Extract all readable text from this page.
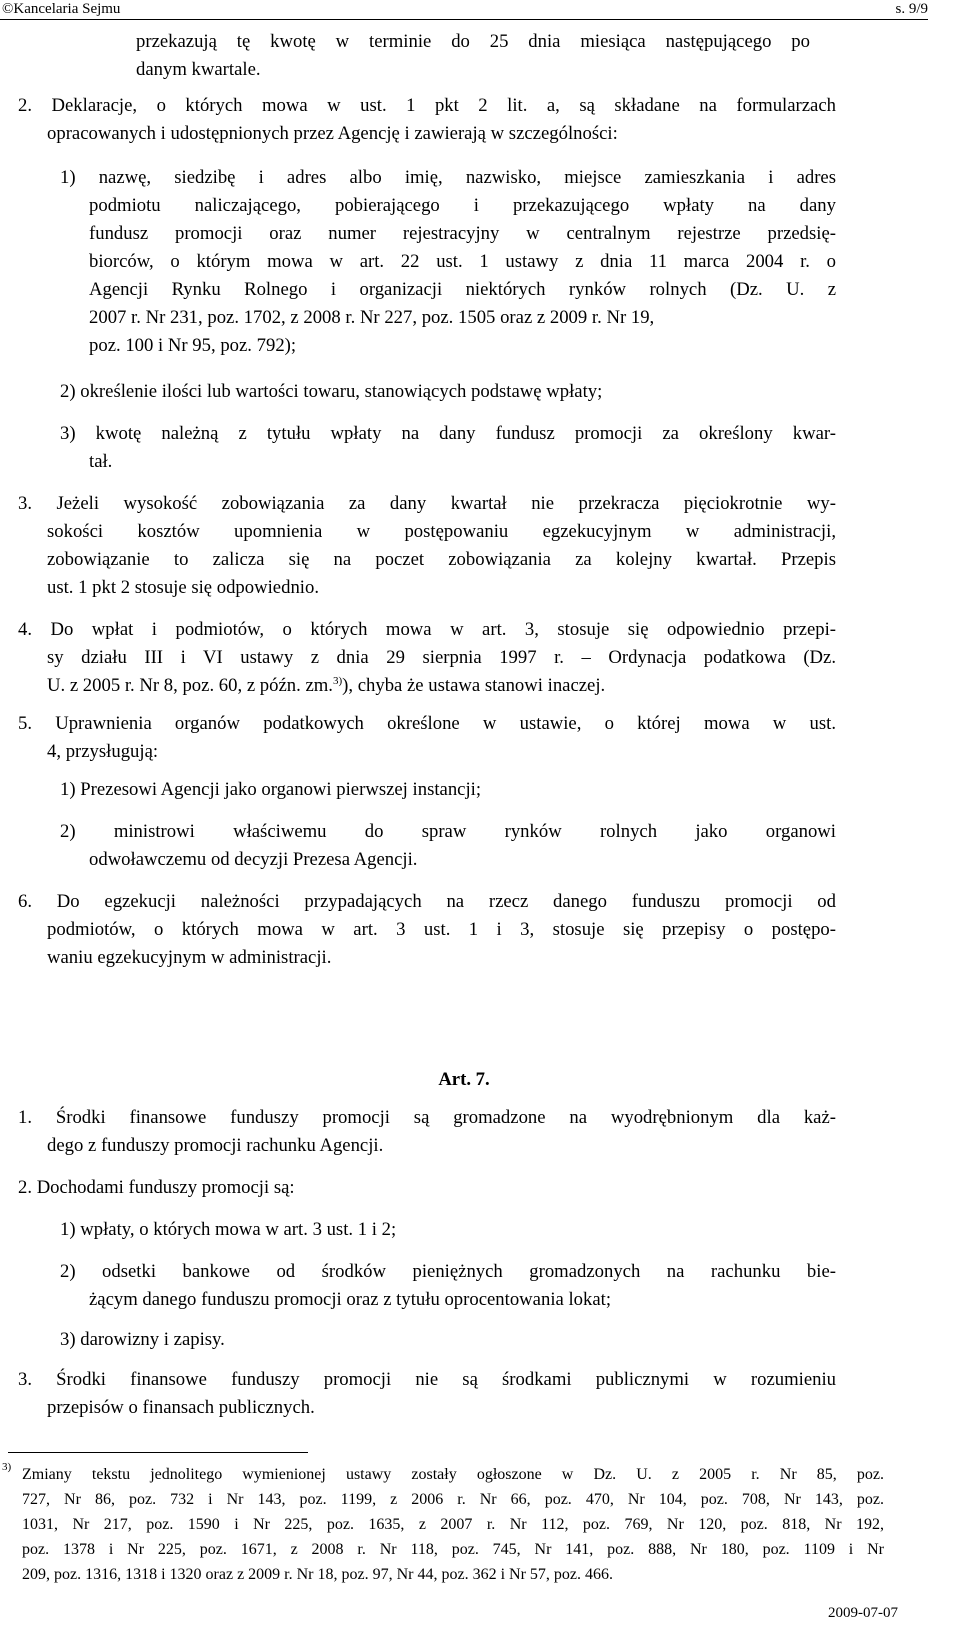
©Kancelaria Sejmu	s. 9/9
przekazują tę kwotę w terminie do 25 dnia miesiąca następującego po
danym kwartale.
2. Deklaracje, o których mowa w ust. 1 pkt 2 lit. a, są składane na formularzach
opracowanych i udostępnionych przez Agencję i zawierają w szczególności:
1) nazwę, siedzibę i adres albo imię, nazwisko, miejsce zamieszkania i adres
podmiotu naliczającego, pobierającego i przekazującego wpłaty na dany
fundusz promocji oraz numer rejestracyjny w centralnym rejestrze przedsię-
biorców, o którym mowa w art. 22 ust. 1 ustawy z dnia 11 marca 2004 r. o
Agencji Rynku Rolnego i organizacji niektórych rynków rolnych (Dz. U. z
2007 r. Nr 231, poz. 1702, z 2008 r. Nr 227, poz. 1505 oraz z 2009 r. Nr 19,
poz. 100 i Nr 95, poz. 792);
2) określenie ilości lub wartości towaru, stanowiących podstawę wpłaty;
3) kwotę należną z tytułu wpłaty na dany fundusz promocji za określony kwar-
tał.
3. Jeżeli wysokość zobowiązania za dany kwartał nie przekracza pięciokrotnie wy-
sokości kosztów upomnienia w postępowaniu egzekucyjnym w administracji,
zobowiązanie to zalicza się na poczet zobowiązania za kolejny kwartał. Przepis
ust. 1 pkt 2 stosuje się odpowiednio.
4. Do wpłat i podmiotów, o których mowa w art. 3, stosuje się odpowiednio przepi-
sy działu III i VI ustawy z dnia 29 sierpnia 1997 r. – Ordynacja podatkowa (Dz.
U. z 2005 r. Nr 8, poz. 60, z późn. zm.$^{3)}$), chyba że ustawa stanowi inaczej.
5. Uprawnienia organów podatkowych określone w ustawie, o której mowa w ust.
4, przysługują:
1) Prezesowi Agencji jako organowi pierwszej instancji;
2) ministrowi właściwemu do spraw rynków rolnych jako organowi
odwoławczemu od decyzji Prezesa Agencji.
6. Do egzekucji należności przypadających na rzecz danego funduszu promocji od
podmiotów, o których mowa w art. 3 ust. 1 i 3, stosuje się przepisy o postępo-
waniu egzekucyjnym w administracji.
Art. 7.
1. Środki finansowe funduszy promocji są gromadzone na wyodrębnionym dla każ-
dego z funduszy promocji rachunku Agencji.
2. Dochodami funduszy promocji są:
1) wpłaty, o których mowa w art. 3 ust. 1 i 2;
2) odsetki bankowe od środków pieniężnych gromadzonych na rachunku bie-
żącym danego funduszu promocji oraz z tytułu oprocentowania lokat;
3) darowizny i zapisy.
3. Środki finansowe funduszy promocji nie są środkami publicznymi w rozumieniu
przepisów o finansach publicznych.
3) Zmiany tekstu jednolitego wymienionej ustawy zostały ogłoszone w Dz. U. z 2005 r. Nr 85, poz.
727, Nr 86, poz. 732 i Nr 143, poz. 1199, z 2006 r. Nr 66, poz. 470, Nr 104, poz. 708, Nr 143, poz.
1031, Nr 217, poz. 1590 i Nr 225, poz. 1635, z 2007 r. Nr 112, poz. 769, Nr 120, poz. 818, Nr 192,
poz. 1378 i Nr 225, poz. 1671, z 2008 r. Nr 118, poz. 745, Nr 141, poz. 888, Nr 180, poz. 1109 i Nr
209, poz. 1316, 1318 i 1320 oraz z 2009 r. Nr 18, poz. 97, Nr 44, poz. 362 i Nr 57, poz. 466.
2009-07-07
